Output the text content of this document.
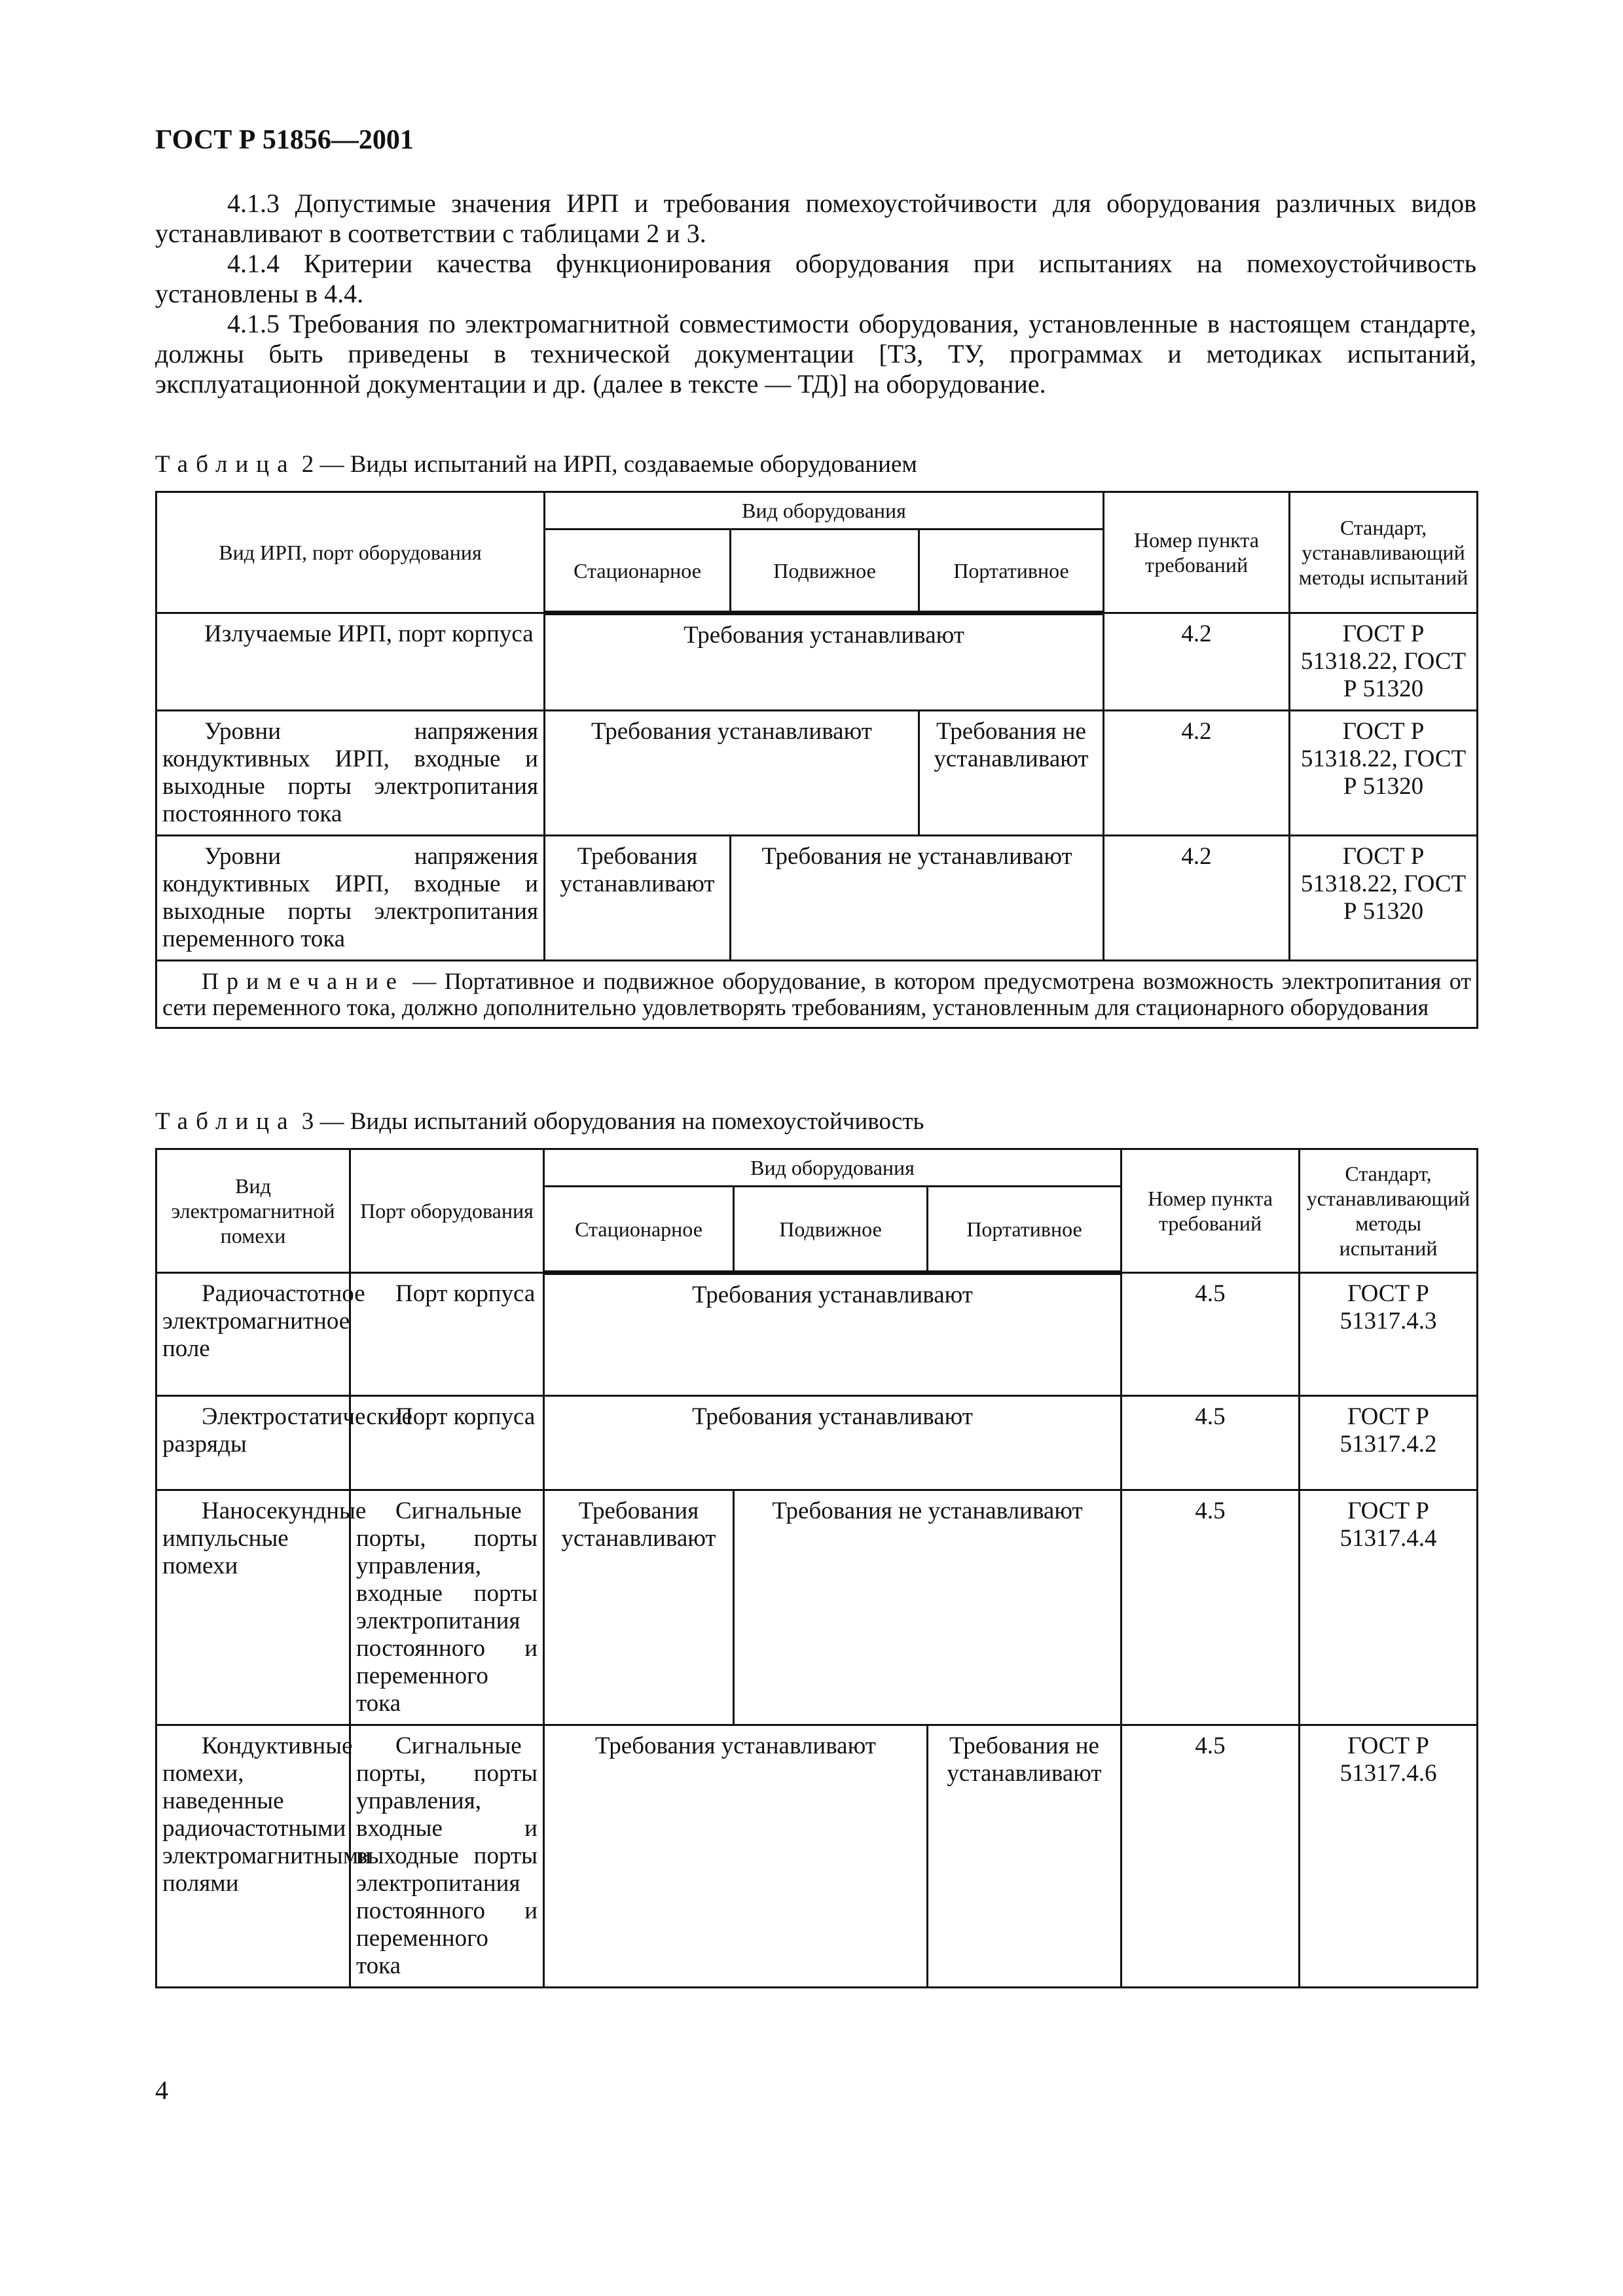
ГОСТ Р 51856—2001

4.1.3 Допустимые значения ИРП и требования помехоустойчивости для оборудования различных видов устанавливают в соответствии с таблицами 2 и 3.

4.1.4 Критерии качества функционирования оборудования при испытаниях на помехоустойчивость установлены в 4.4.

4.1.5 Требования по электромагнитной совместимости оборудования, установленные в настоящем стандарте, должны быть приведены в технической документации [ТЗ, ТУ, программах и методиках испытаний, эксплуатационной документации и др. (далее в тексте — ТД)] на оборудование.

Таблица 2 — Виды испытаний на ИРП, создаваемые оборудованием
Вид ИРП, порт оборудования	Вид оборудования			Номер пункта требований	Стандарт, устанавливающий методы испытаний
	Стационарное	Подвижное	Портативное		
Излучаемые ИРП, порт корпуса	Требования устанавливают			4.2	ГОСТ Р 51318.22, ГОСТ Р 51320
Уровни напряжения кондуктивных ИРП, входные и выходные порты электропитания постоянного тока	Требования устанавливают		Требования не устанавливают	4.2	ГОСТ Р 51318.22, ГОСТ Р 51320
Уровни напряжения кондуктивных ИРП, входные и выходные порты электропитания переменного тока	Требования устанавливают	Требования не устанавливают		4.2	ГОСТ Р 51318.22, ГОСТ Р 51320
Примечание — Портативное и подвижное оборудование, в котором предусмотрена возможность электропитания от сети переменного тока, должно дополнительно удовлетворять требованиям, установленным для стационарного оборудования					
Таблица 3 — Виды испытаний оборудования на помехоустойчивость
Вид электромагнитной помехи	Порт оборудования	Вид оборудования			Номер пункта требований	Стандарт, устанавливающий методы испытаний
		Стационарное	Подвижное	Портативное		
Радиочастотное электромагнитное поле	Порт корпуса	Требования устанавливают			4.5	ГОСТ Р 51317.4.3
Электростатические разряды	Порт корпуса	Требования устанавливают			4.5	ГОСТ Р 51317.4.2
Наносекундные импульсные помехи	Сигнальные порты, порты управления, входные порты электропитания постоянного и переменного тока	Требования устанавливают	Требования не устанавливают		4.5	ГОСТ Р 51317.4.4
Кондуктивные помехи, наведенные радиочастотными электромагнитными полями	Сигнальные порты, порты управления, входные и выходные порты электропитания постоянного и переменного тока	Требования устанавливают		Требования не устанавливают	4.5	ГОСТ Р 51317.4.6
4
